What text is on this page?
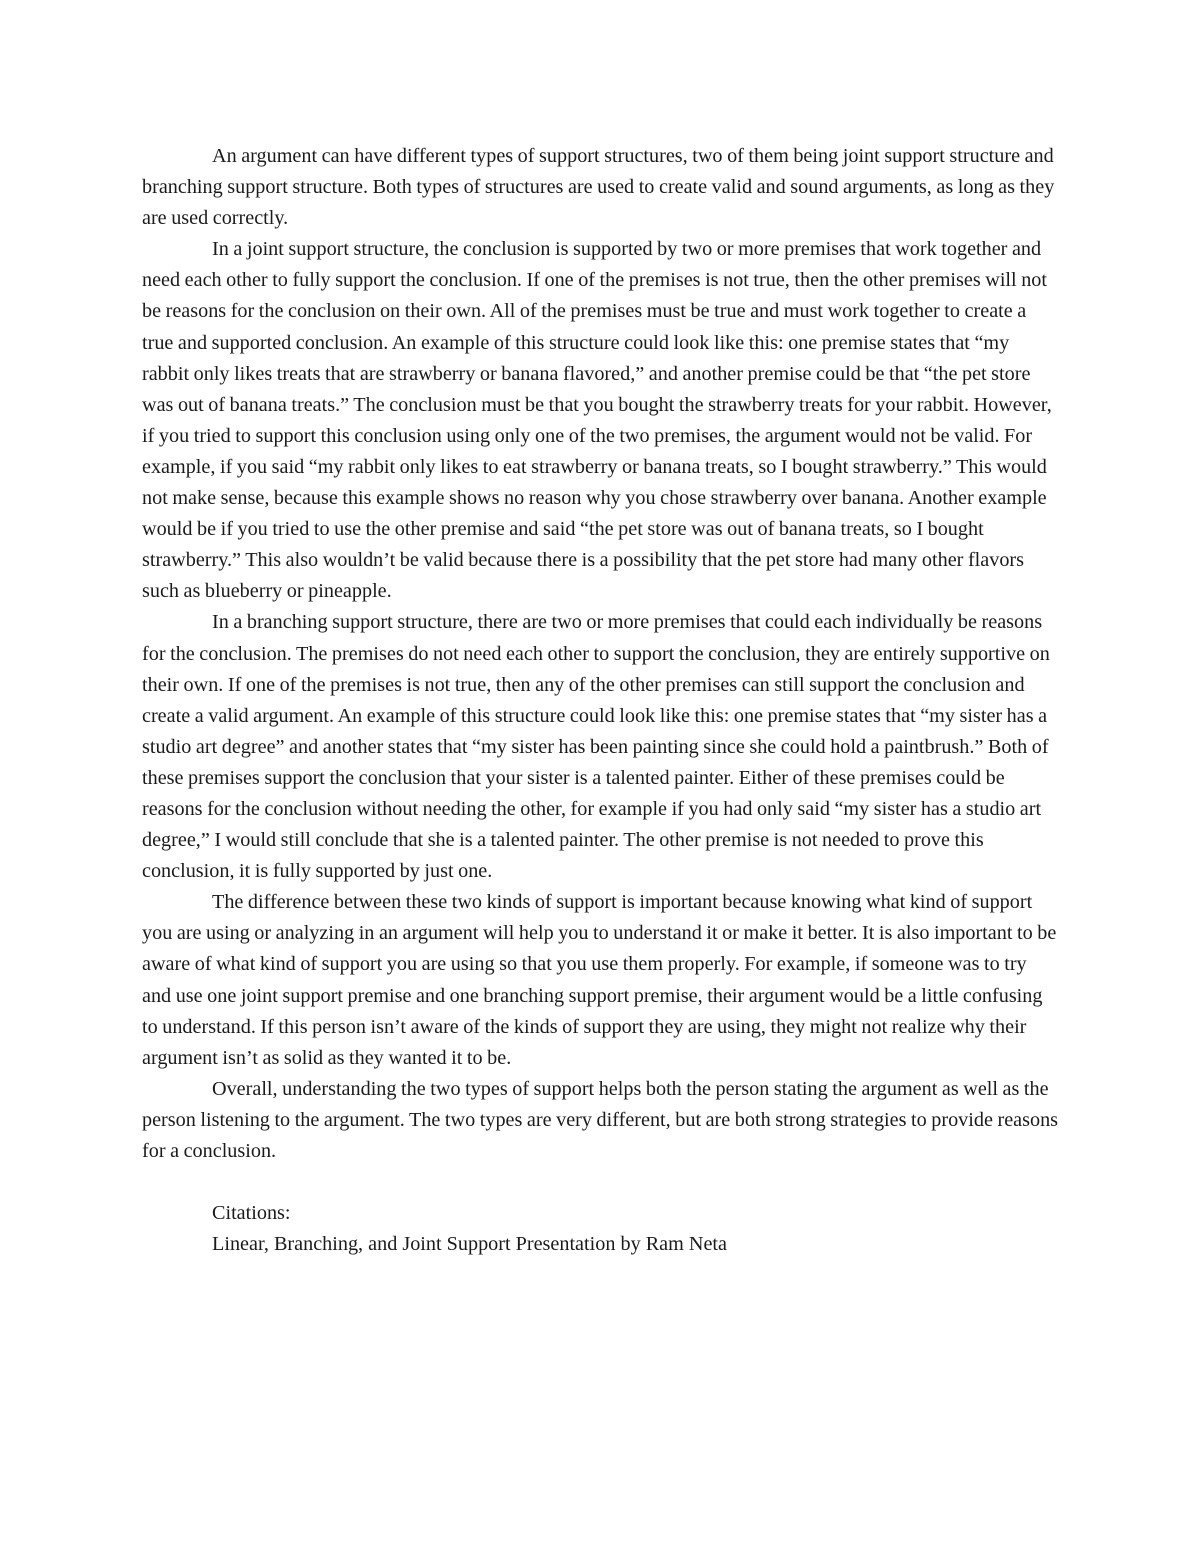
An argument can have different types of support structures, two of them being joint support structure and branching support structure. Both types of structures are used to create valid and sound arguments, as long as they are used correctly.

In a joint support structure, the conclusion is supported by two or more premises that work together and need each other to fully support the conclusion. If one of the premises is not true, then the other premises will not be reasons for the conclusion on their own. All of the premises must be true and must work together to create a true and supported conclusion. An example of this structure could look like this: one premise states that “my rabbit only likes treats that are strawberry or banana flavored,” and another premise could be that “the pet store was out of banana treats.” The conclusion must be that you bought the strawberry treats for your rabbit. However, if you tried to support this conclusion using only one of the two premises, the argument would not be valid. For example, if you said “my rabbit only likes to eat strawberry or banana treats, so I bought strawberry.” This would not make sense, because this example shows no reason why you chose strawberry over banana. Another example would be if you tried to use the other premise and said “the pet store was out of banana treats, so I bought strawberry.” This also wouldn’t be valid because there is a possibility that the pet store had many other flavors such as blueberry or pineapple.

In a branching support structure, there are two or more premises that could each individually be reasons for the conclusion. The premises do not need each other to support the conclusion, they are entirely supportive on their own. If one of the premises is not true, then any of the other premises can still support the conclusion and create a valid argument. An example of this structure could look like this: one premise states that “my sister has a studio art degree” and another states that “my sister has been painting since she could hold a paintbrush.” Both of these premises support the conclusion that your sister is a talented painter. Either of these premises could be reasons for the conclusion without needing the other, for example if you had only said “my sister has a studio art degree,” I would still conclude that she is a talented painter. The other premise is not needed to prove this conclusion, it is fully supported by just one.

The difference between these two kinds of support is important because knowing what kind of support you are using or analyzing in an argument will help you to understand it or make it better. It is also important to be aware of what kind of support you are using so that you use them properly. For example, if someone was to try and use one joint support premise and one branching support premise, their argument would be a little confusing to understand. If this person isn’t aware of the kinds of support they are using, they might not realize why their argument isn’t as solid as they wanted it to be.

Overall, understanding the two types of support helps both the person stating the argument as well as the person listening to the argument. The two types are very different, but are both strong strategies to provide reasons for a conclusion.

Citations:
Linear, Branching, and Joint Support Presentation by Ram Neta
